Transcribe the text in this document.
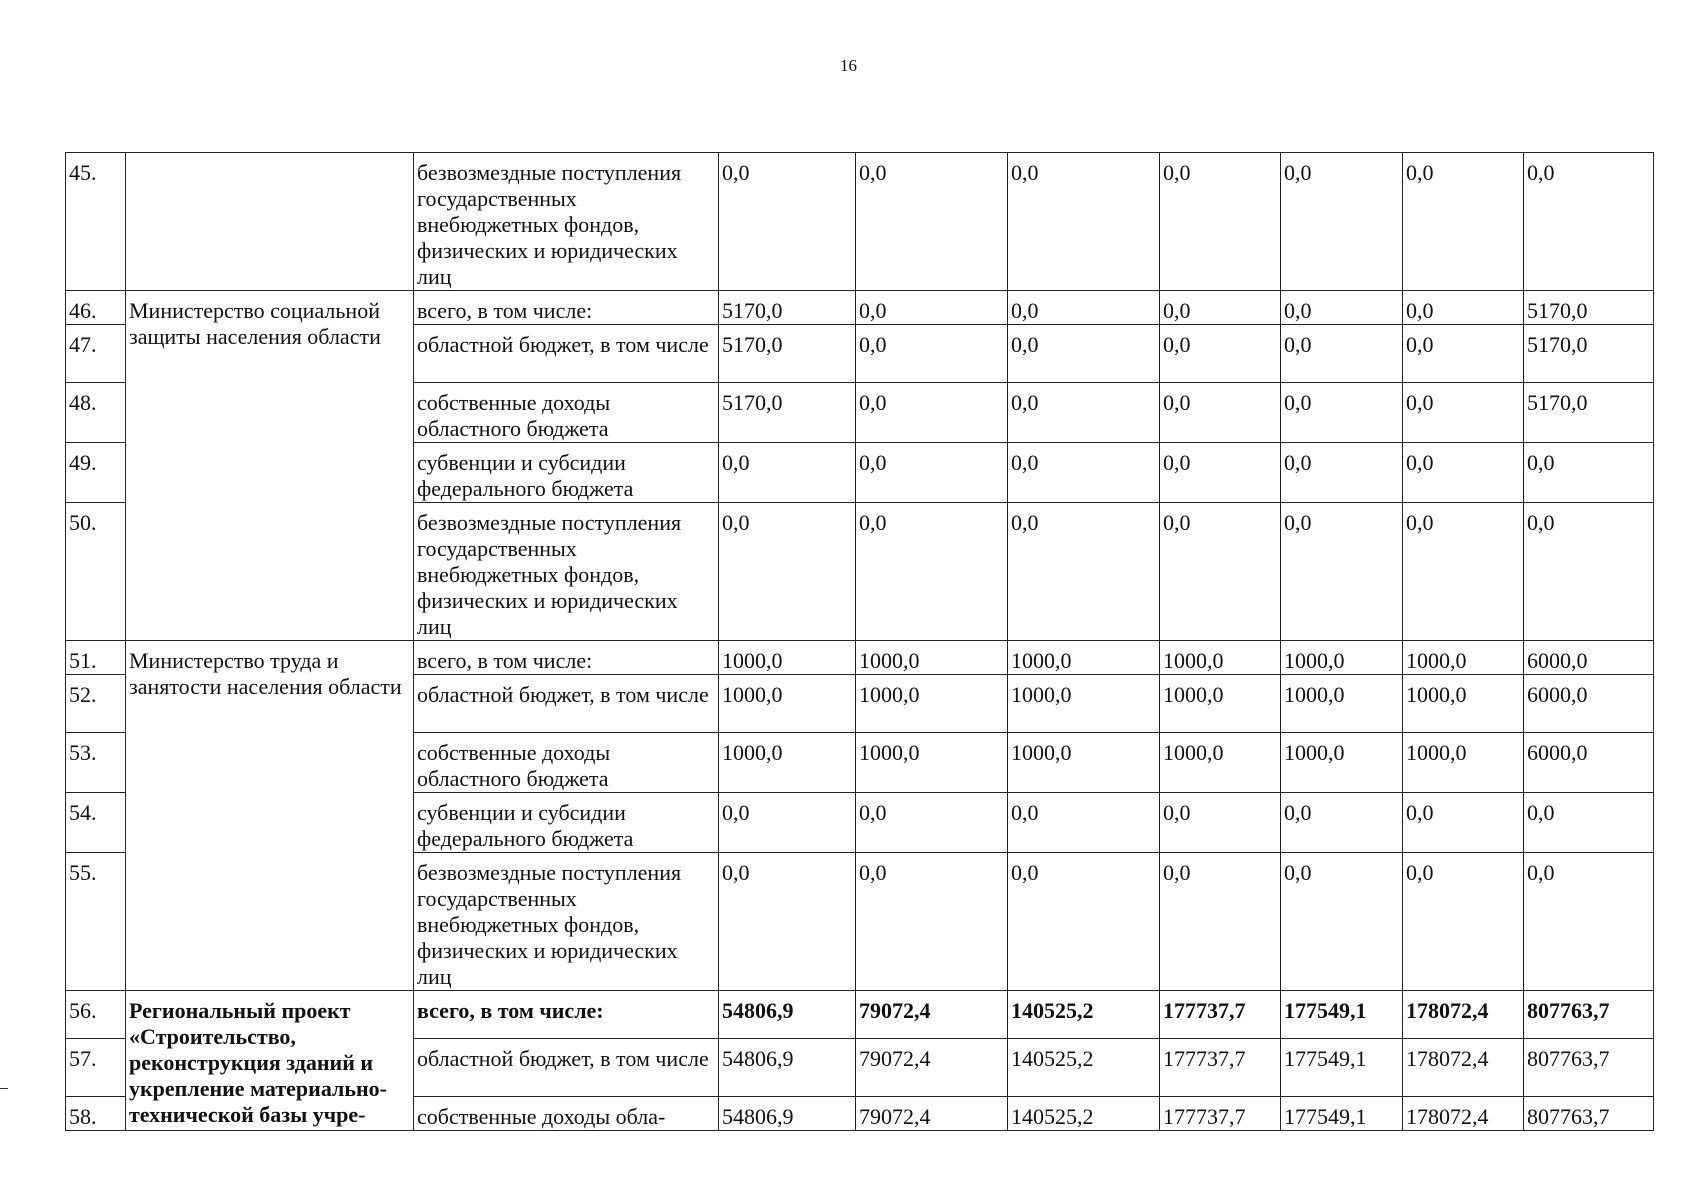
16
45.		безвозмездные поступления государственных внебюджетных фондов, физических и юридических лиц	0,0	0,0	0,0	0,0	0,0	0,0	0,0
46.	Министерство социальной защиты населения области	всего, в том числе:	5170,0	0,0	0,0	0,0	0,0	0,0	5170,0
47.		областной бюджет, в том числе	5170,0	0,0	0,0	0,0	0,0	0,0	5170,0
48.		собственные доходы областного бюджета	5170,0	0,0	0,0	0,0	0,0	0,0	5170,0
49.		субвенции и субсидии федерального бюджета	0,0	0,0	0,0	0,0	0,0	0,0	0,0
50.		безвозмездные поступления государственных внебюджетных фондов, физических и юридических лиц	0,0	0,0	0,0	0,0	0,0	0,0	0,0
51.	Министерство труда и занятости населения области	всего, в том числе:	1000,0	1000,0	1000,0	1000,0	1000,0	1000,0	6000,0
52.		областной бюджет, в том числе	1000,0	1000,0	1000,0	1000,0	1000,0	1000,0	6000,0
53.		собственные доходы областного бюджета	1000,0	1000,0	1000,0	1000,0	1000,0	1000,0	6000,0
54.		субвенции и субсидии федерального бюджета	0,0	0,0	0,0	0,0	0,0	0,0	0,0
55.		безвозмездные поступления государственных внебюджетных фондов, физических и юридических лиц	0,0	0,0	0,0	0,0	0,0	0,0	0,0
56.	Региональный проект «Строительство, реконструкция зданий и укрепление материально-технической базы учре-	всего, в том числе:	54806,9	79072,4	140525,2	177737,7	177549,1	178072,4	807763,7
57.		областной бюджет, в том числе	54806,9	79072,4	140525,2	177737,7	177549,1	178072,4	807763,7
58.		собственные доходы обла-	54806,9	79072,4	140525,2	177737,7	177549,1	178072,4	807763,7
